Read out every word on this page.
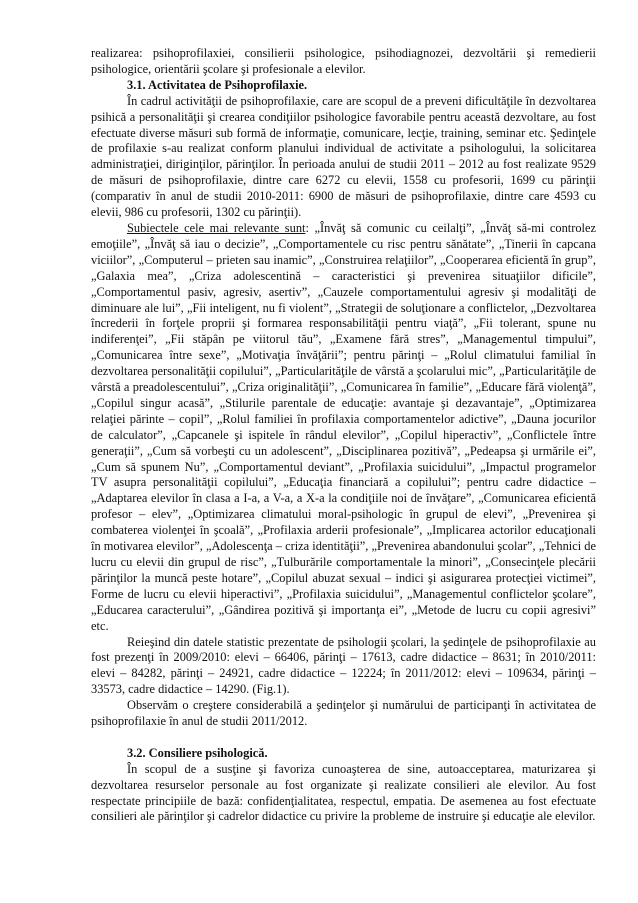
realizarea: psihoprofilaxiei, consilierii psihologice, psihodiagnozei, dezvoltării şi remedierii psihologice, orientării şcolare şi profesionale a elevilor.

3.1. Activitatea de Psihoprofilaxie.

În cadrul activităţii de psihoprofilaxie, care are scopul de a preveni dificultăţile în dezvoltarea psihică a personalităţii şi crearea condiţiilor psihologice favorabile pentru această dezvoltare, au fost efectuate diverse măsuri sub formă de informaţie, comunicare, lecţie, training, seminar etc. Şedinţele de profilaxie s-au realizat conform planului individual de activitate a psihologului, la solicitarea administraţiei, diriginţilor, părinţilor. În perioada anului de studii 2011 – 2012 au fost realizate 9529 de măsuri de psihoprofilaxie, dintre care 6272 cu elevii, 1558 cu profesorii, 1699 cu părinţii (comparativ în anul de studii 2010-2011: 6900 de măsuri de psihoprofilaxie, dintre care 4593 cu elevii, 986 cu profesorii, 1302 cu părinţii).

Subiectele cele mai relevante sunt: „Învăţ să comunic cu ceilalţi”, „Învăţ să-mi controlez emoţiile”, „Învăţ să iau o decizie”, „Comportamentele cu risc pentru sănătate”, „Tinerii în capcana viciilor”, „Computerul – prieten sau inamic”, „Construirea relaţiilor”, „Cooperarea eficientă în grup”, „Galaxia mea”, „Criza adolescentină – caracteristici şi prevenirea situaţiilor dificile”, „Comportamentul pasiv, agresiv, asertiv”, „Cauzele comportamentului agresiv şi modalităţi de diminuare ale lui”, „Fii inteligent, nu fi violent”, „Strategii de soluţionare a conflictelor, „Dezvoltarea încrederii în forţele proprii şi formarea responsabilităţii pentru viaţă”, „Fii tolerant, spune nu indiferenţei”, „Fii stăpân pe viitorul tău”, „Examene fără stres”, „Managementul timpului”, „Comunicarea între sexe”, „Motivaţia învăţării”; pentru părinţi – „Rolul climatului familial în dezvoltarea personalităţii copilului”, „Particularităţile de vârstă a şcolarului mic”, „Particularităţile de vârstă a preadolescentului”, „Criza originalităţii”, „Comunicarea în familie”, „Educare fără violenţă”, „Copilul singur acasă”, „Stilurile parentale de educaţie: avantaje şi dezavantaje”, „Optimizarea relaţiei părinte – copil”, „Rolul familiei în profilaxia comportamentelor adictive”, „Dauna jocurilor de calculator”, „Capcanele şi ispitele în rândul elevilor”, „Copilul hiperactiv”, „Conflictele între generaţii”, „Cum să vorbeşti cu un adolescent”, „Disciplinarea pozitivă”, „Pedeapsa şi urmările ei”, „Cum să spunem Nu”, „Comportamentul deviant”, „Profilaxia suicidului”, „Impactul programelor TV asupra personalităţii copilului”, „Educaţia financiară a copilului”; pentru cadre didactice – „Adaptarea elevilor în clasa a I-a, a V-a, a X-a la condiţiile noi de învăţare”, „Comunicarea eficientă profesor – elev”, „Optimizarea climatului moral-psihologic în grupul de elevi”, „Prevenirea şi combaterea violenţei în şcoală”, „Profilaxia arderii profesionale”, „Implicarea actorilor educaţionali în motivarea elevilor”, „Adolescenţa – criza identităţii”, „Prevenirea abandonului şcolar”, „Tehnici de lucru cu elevii din grupul de risc”, „Tulburările comportamentale la minori”, „Consecinţele plecării părinţilor la muncă peste hotare”, „Copilul abuzat sexual – indici şi asigurarea protecţiei victimei”, Forme de lucru cu elevii hiperactivi”, „Profilaxia suicidului”, „Managementul conflictelor şcolare”, „Educarea caracterului”, „Gândirea pozitivă şi importanţa ei”, „Metode de lucru cu copii agresivi” etc.

Reieşind din datele statistic prezentate de psihologii şcolari, la şedinţele de psihoprofilaxie au fost prezenţi în 2009/2010: elevi – 66406, părinţi – 17613, cadre didactice – 8631; în 2010/2011: elevi – 84282, părinţi – 24921, cadre didactice – 12224; în 2011/2012: elevi – 109634, părinţi – 33573, cadre didactice – 14290. (Fig.1).

Observăm o creştere considerabilă a şedinţelor şi numărului de participanţi în activitatea de psihoprofilaxie în anul de studii 2011/2012.

3.2. Consiliere psihologică.

În scopul de a susţine şi favoriza cunoaşterea de sine, autoacceptarea, maturizarea şi dezvoltarea resurselor personale au fost organizate şi realizate consilieri ale elevilor. Au fost respectate principiile de bază: confidenţialitatea, respectul, empatia. De asemenea au fost efectuate consilieri ale părinţilor şi cadrelor didactice cu privire la probleme de instruire şi educaţie ale elevilor.
